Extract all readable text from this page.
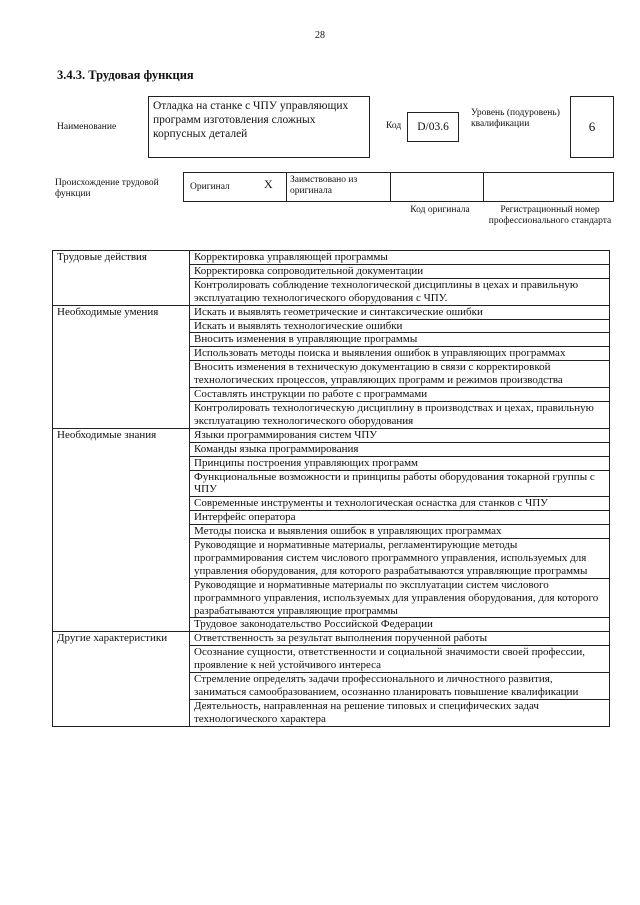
28
3.4.3. Трудовая функция
Наименование
Отладка на станке с ЧПУ управляющих программ изготовления сложных корпусных деталей
Код D/03.6
Уровень (подуровень) квалификации	6
Происхождение трудовой функции
Оригинал	X	Заимствовано из оригинала
Код оригинала	Регистрационный номер профессионального стандарта
Трудовые действия	Корректировка управляющей программы
	Корректировка сопроводительной документации
	Контролировать соблюдение технологической дисциплины в цехах и правильную эксплуатацию технологического оборудования с ЧПУ.
Необходимые умения	Искать и выявлять геометрические и синтаксические ошибки
	Искать и выявлять технологические ошибки
	Вносить изменения в управляющие программы
	Использовать методы поиска и выявления ошибок в управляющих программах
	Вносить изменения в техническую документацию в связи с корректировкой технологических процессов, управляющих программ и режимов производства
	Составлять инструкции по работе с программами
	Контролировать технологическую дисциплину в производствах и цехах, правильную эксплуатацию технологического оборудования
Необходимые знания	Языки программирования систем ЧПУ
	Команды языка программирования
	Принципы построения управляющих программ
	Функциональные возможности и принципы работы оборудования токарной группы с ЧПУ
	Современные инструменты и технологическая оснастка для станков с ЧПУ
	Интерфейс оператора
	Методы поиска и выявления ошибок в управляющих программах
	Руководящие и нормативные материалы, регламентирующие методы программирования систем числового программного управления, используемых для управления оборудования, для которого разрабатываются управляющие программы
	Руководящие и нормативные материалы по эксплуатации систем числового программного управления, используемых для управления оборудования, для которого разрабатываются управляющие программы
	Трудовое законодательство Российской Федерации
Другие характеристики	Ответственность за результат выполнения порученной работы
	Осознание сущности, ответственности и социальной значимости своей профессии, проявление к ней устойчивого интереса
	Стремление определять задачи профессионального и личностного развития, заниматься самообразованием, осознанно планировать повышение квалификации
	Деятельность, направленная на решение типовых и специфических задач технологического характера
